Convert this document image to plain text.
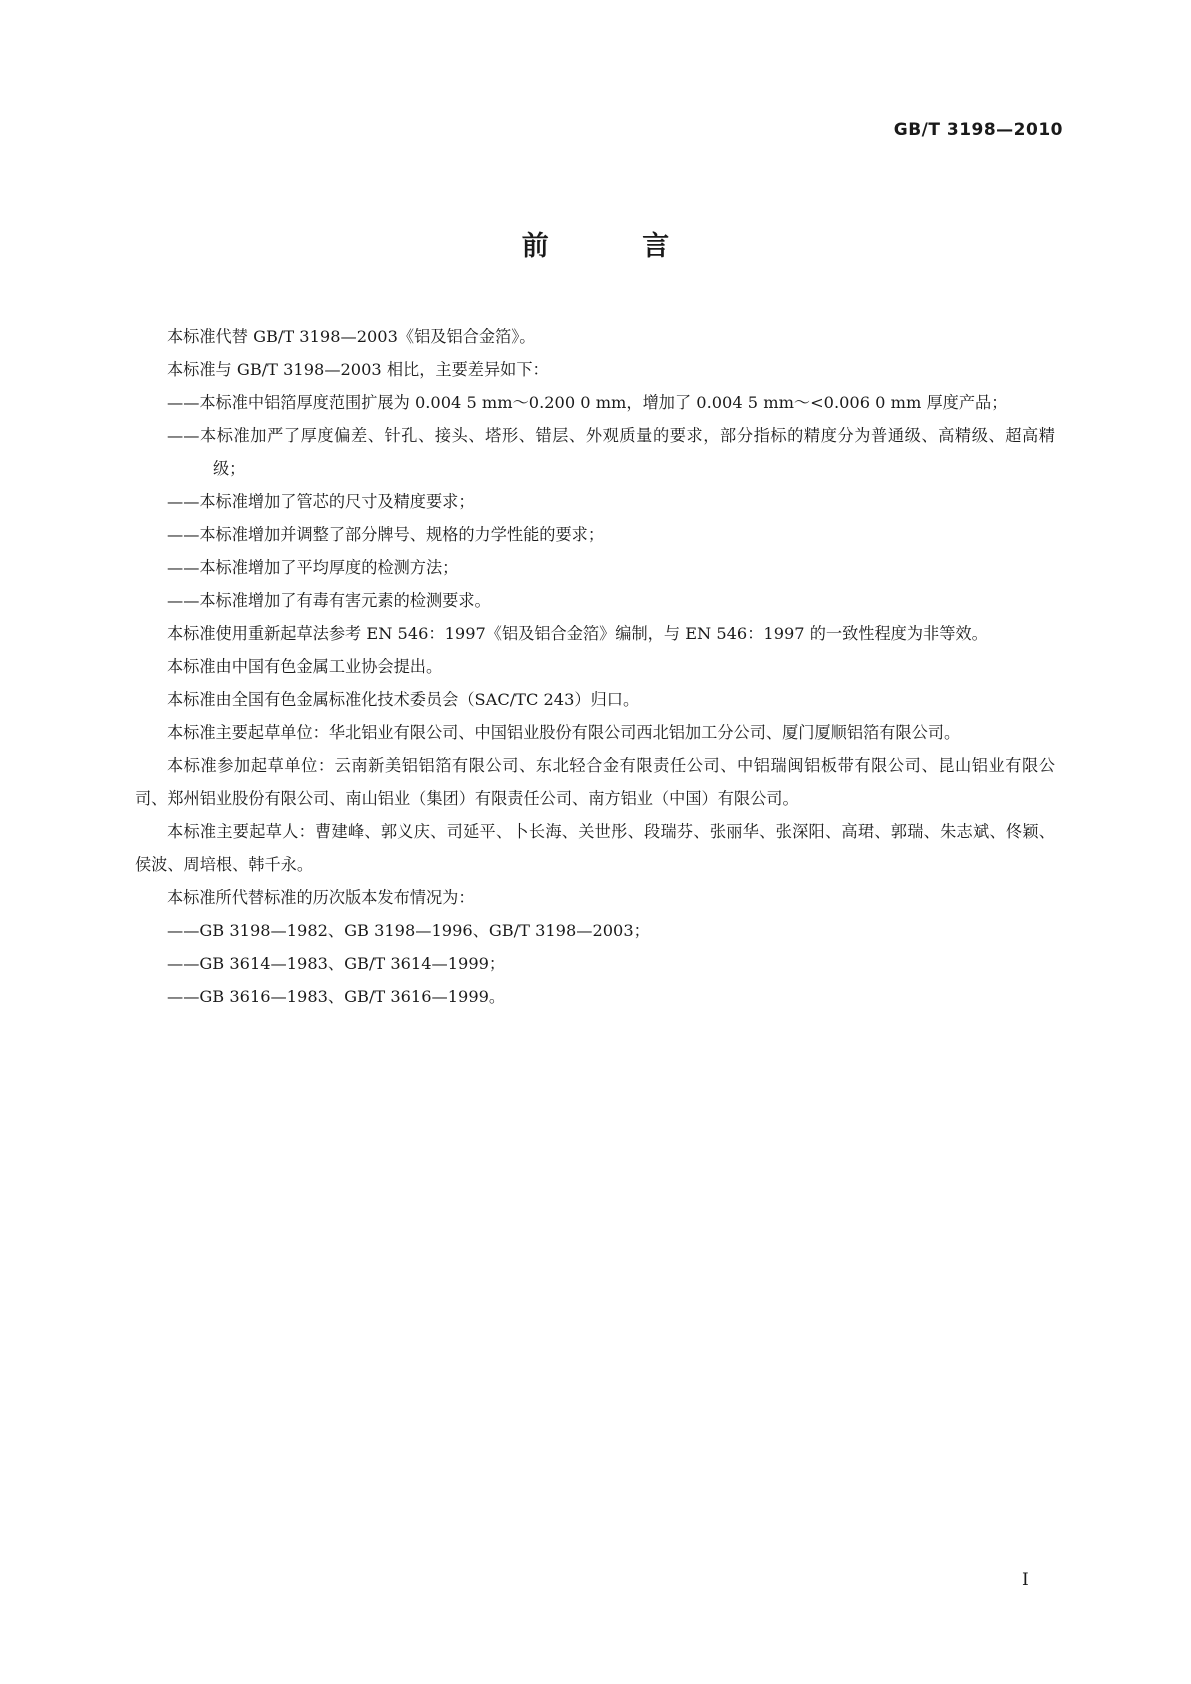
GB/T 3198—2010
前 言

本标准代替 GB/T 3198—2003《铝及铝合金箔》。

本标准与 GB/T 3198—2003 相比，主要差异如下：

——本标准中铝箔厚度范围扩展为 0.004 5 mm～0.200 0 mm，增加了 0.004 5 mm～<0.006 0 mm 厚度产品；

——本标准加严了厚度偏差、针孔、接头、塔形、错层、外观质量的要求，部分指标的精度分为普通级、高精级、超高精级；

——本标准增加了管芯的尺寸及精度要求；

——本标准增加并调整了部分牌号、规格的力学性能的要求；

——本标准增加了平均厚度的检测方法；

——本标准增加了有毒有害元素的检测要求。

本标准使用重新起草法参考 EN 546：1997《铝及铝合金箔》编制，与 EN 546：1997 的一致性程度为非等效。

本标准由中国有色金属工业协会提出。

本标准由全国有色金属标准化技术委员会（SAC/TC 243）归口。

本标准主要起草单位：华北铝业有限公司、中国铝业股份有限公司西北铝加工分公司、厦门厦顺铝箔有限公司。

本标准参加起草单位：云南新美铝铝箔有限公司、东北轻合金有限责任公司、中铝瑞闽铝板带有限公司、昆山铝业有限公司、郑州铝业股份有限公司、南山铝业（集团）有限责任公司、南方铝业（中国）有限公司。

本标准主要起草人：曹建峰、郭义庆、司延平、卜长海、关世彤、段瑞芬、张丽华、张深阳、高珺、郭瑞、朱志斌、佟颖、侯波、周培根、韩千永。

本标准所代替标准的历次版本发布情况为：

——GB 3198—1982、GB 3198—1996、GB/T 3198—2003；

——GB 3614—1983、GB/T 3614—1999；

——GB 3616—1983、GB/T 3616—1999。

I
